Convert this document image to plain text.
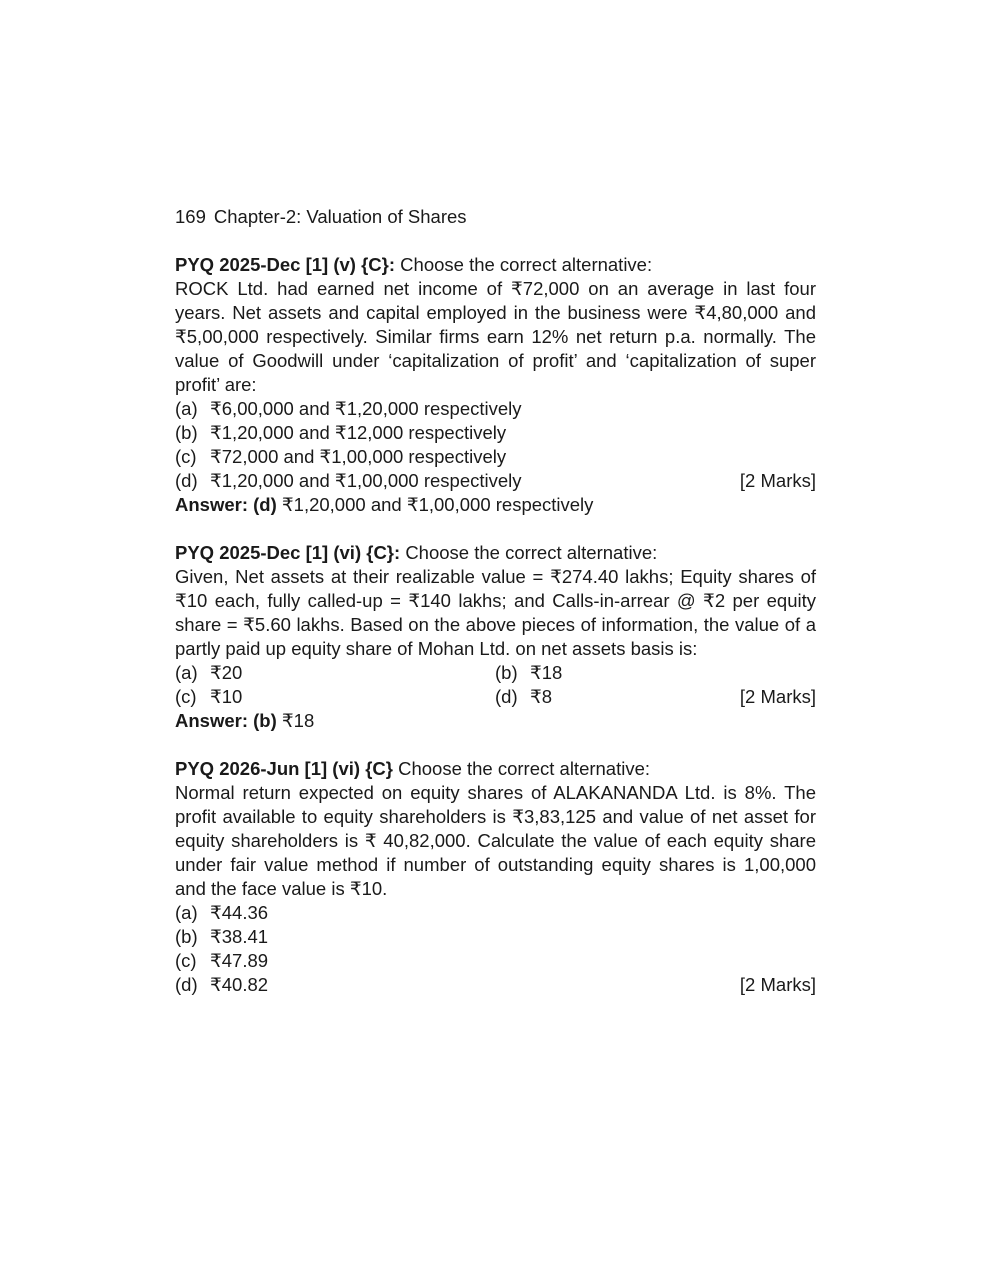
169 Chapter-2: Valuation of Shares
PYQ 2025-Dec [1] (v) {C}: Choose the correct alternative:
ROCK Ltd. had earned net income of ₹72,000 on an average in last four years. Net assets and capital employed in the business were ₹4,80,000 and ₹5,00,000 respectively. Similar firms earn 12% net return p.a. normally. The value of Goodwill under ‘capitalization of profit’ and ‘capitalization of super profit’ are:
(a) ₹6,00,000 and ₹1,20,000 respectively
(b) ₹1,20,000 and ₹12,000 respectively
(c) ₹72,000 and ₹1,00,000 respectively
(d) ₹1,20,000 and ₹1,00,000 respectively	[2 Marks]
Answer: (d) ₹1,20,000 and ₹1,00,000 respectively
PYQ 2025-Dec [1] (vi) {C}: Choose the correct alternative:
Given, Net assets at their realizable value = ₹274.40 lakhs; Equity shares of ₹10 each, fully called-up = ₹140 lakhs; and Calls-in-arrear @ ₹2 per equity share = ₹5.60 lakhs. Based on the above pieces of information, the value of a partly paid up equity share of Mohan Ltd. on net assets basis is:
(a) ₹20	(b) ₹18
(c) ₹10	(d) ₹8	[2 Marks]
Answer: (b) ₹18
PYQ 2026-Jun [1] (vi) {C} Choose the correct alternative:
Normal return expected on equity shares of ALAKANANDA Ltd. is 8%. The profit available to equity shareholders is ₹3,83,125 and value of net asset for equity shareholders is ₹ 40,82,000. Calculate the value of each equity share under fair value method if number of outstanding equity shares is 1,00,000 and the face value is ₹10.
(a) ₹44.36
(b) ₹38.41
(c) ₹47.89
(d) ₹40.82	[2 Marks]
